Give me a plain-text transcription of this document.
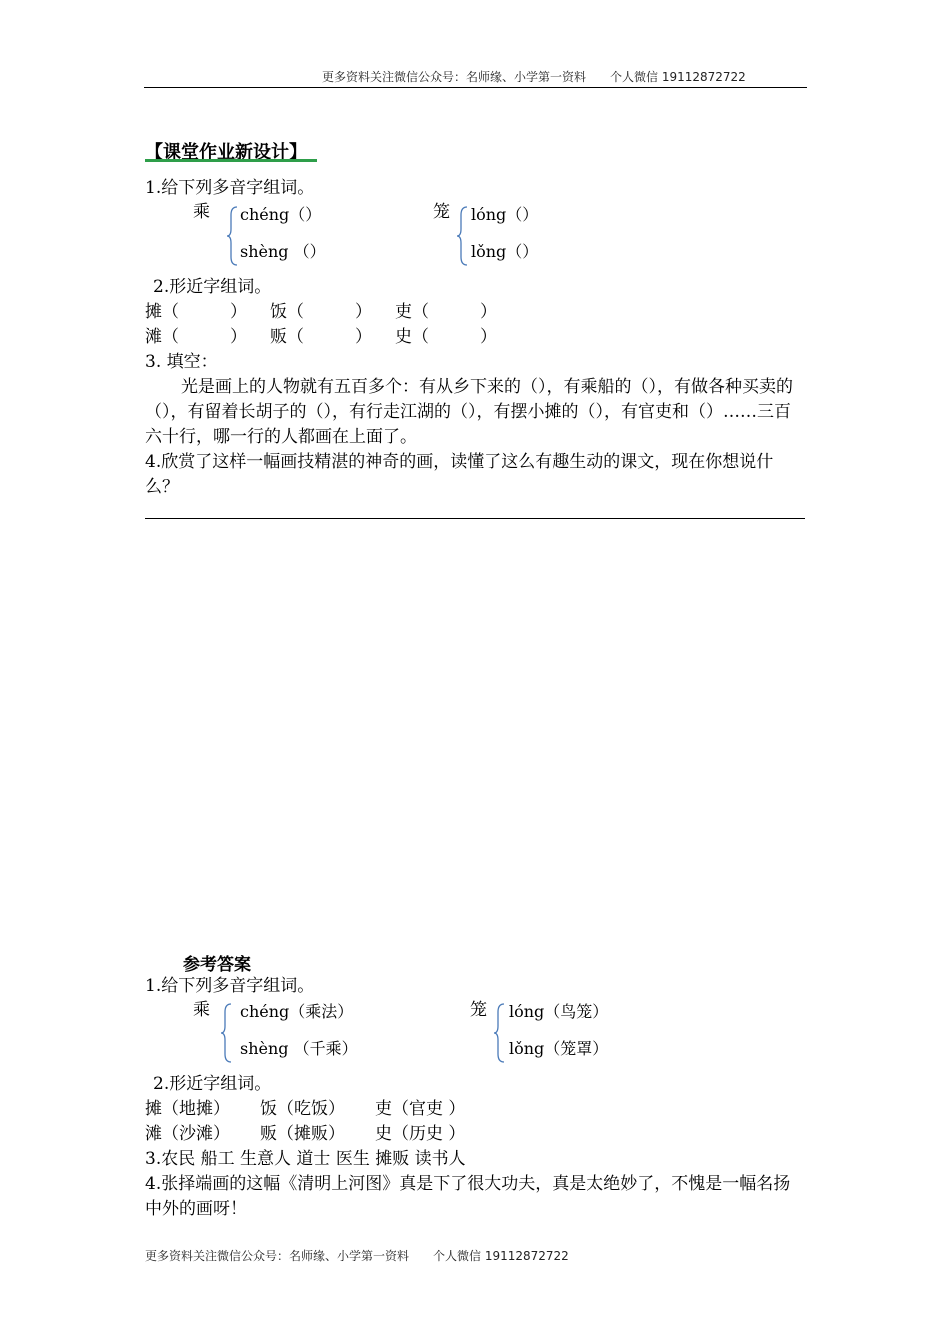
更多资料关注微信公众号：名师缘、小学第一资料　　个人微信 19112872722
【课堂作业新设计】
1.给下列多音字组词。
乘 chéng（）
shèng （）
笼 lóng（）
lǒng（）
2.形近字组词。
摊（　　　） 饭（　　　） 吏（　　　）
滩（　　　） 贩（　　　） 史（　　　）
3. 填空：
光是画上的人物就有五百多个：有从乡下来的（），有乘船的（），有做各种买卖的（），有留着长胡子的（），有行走江湖的（），有摆小摊的（），有官吏和（）……三百六十行，哪一行的人都画在上面了。
4.欣赏了这样一幅画技精湛的神奇的画，读懂了这么有趣生动的课文，现在你想说什么？
参考答案
1.给下列多音字组词。
乘 chéng（乘法）
shèng （千乘）
笼 lóng（鸟笼）
lǒng（笼罩）
2.形近字组词。
摊（地摊） 饭（吃饭） 吏（官吏 ）
滩（沙滩） 贩（摊贩） 史（历史 ）
3.农民 船工 生意人 道士 医生 摊贩 读书人
4.张择端画的这幅《清明上河图》真是下了很大功夫，真是太绝妙了，不愧是一幅名扬中外的画呀！
更多资料关注微信公众号：名师缘、小学第一资料　　个人微信 19112872722
